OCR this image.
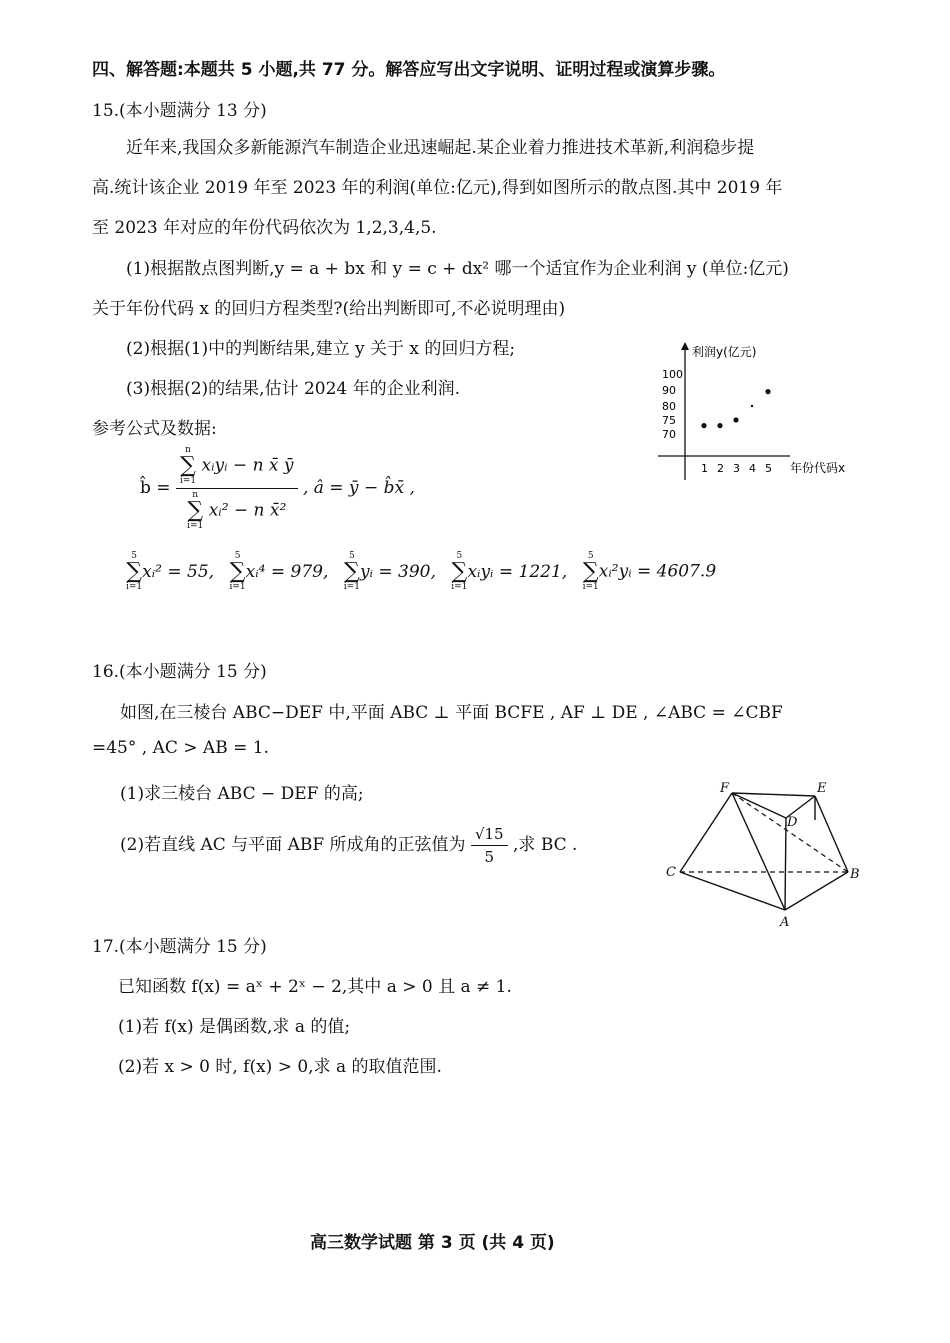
四、解答题:本题共 5 小题,共 77 分。解答应写出文字说明、证明过程或演算步骤。
15.(本小题满分 13 分)
近年来,我国众多新能源汽车制造企业迅速崛起.某企业着力推进技术革新,利润稳步提
高.统计该企业 2019 年至 2023 年的利润(单位:亿元),得到如图所示的散点图.其中 2019 年
至 2023 年对应的年份代码依次为 1,2,3,4,5.
(1)根据散点图判断,y = a + bx 和 y = c + dx² 哪一个适宜作为企业利润 y (单位:亿元)
关于年份代码 x 的回归方程类型?(给出判断即可,不必说明理由)
(2)根据(1)中的判断结果,建立 y 关于 x 的回归方程;
(3)根据(2)的结果,估计 2024 年的企业利润.
参考公式及数据:
b̂ = n
∑
i=1
xᵢyᵢ − n x̄ ȳ
n
∑
i=1
xᵢ² − n x̄² , â = ȳ − b̂x̄ ,
5
∑
i=1
xᵢ² = 55,
5
∑
i=1
xᵢ⁴ = 979,
5
∑
i=1
yᵢ = 390,
5
∑
i=1
xᵢyᵢ = 1221,
5
∑
i=1
xᵢ²yᵢ = 4607.9
利润y(亿元)
年份代码x
1 2 3 4 5
100
90
80
75
70
16.(本小题满分 15 分)
如图,在三棱台 ABC−DEF 中,平面 ABC ⊥ 平面 BCFE , AF ⊥ DE , ∠ABC = ∠CBF
=45° , AC > AB = 1.
(1)求三棱台 ABC − DEF 的高;
(2)若直线 AC 与平面 ABF 所成角的正弦值为 $\frac{√15}{5}$ ,求 BC .
F	E
D
C	B
A
17.(本小题满分 15 分)
已知函数 f(x) = aˣ + 2ˣ − 2,其中 a > 0 且 a ≠ 1.
(1)若 f(x) 是偶函数,求 a 的值;
(2)若 x > 0 时, f(x) > 0,求 a 的取值范围.
高三数学试题 第 3 页 (共 4 页)
